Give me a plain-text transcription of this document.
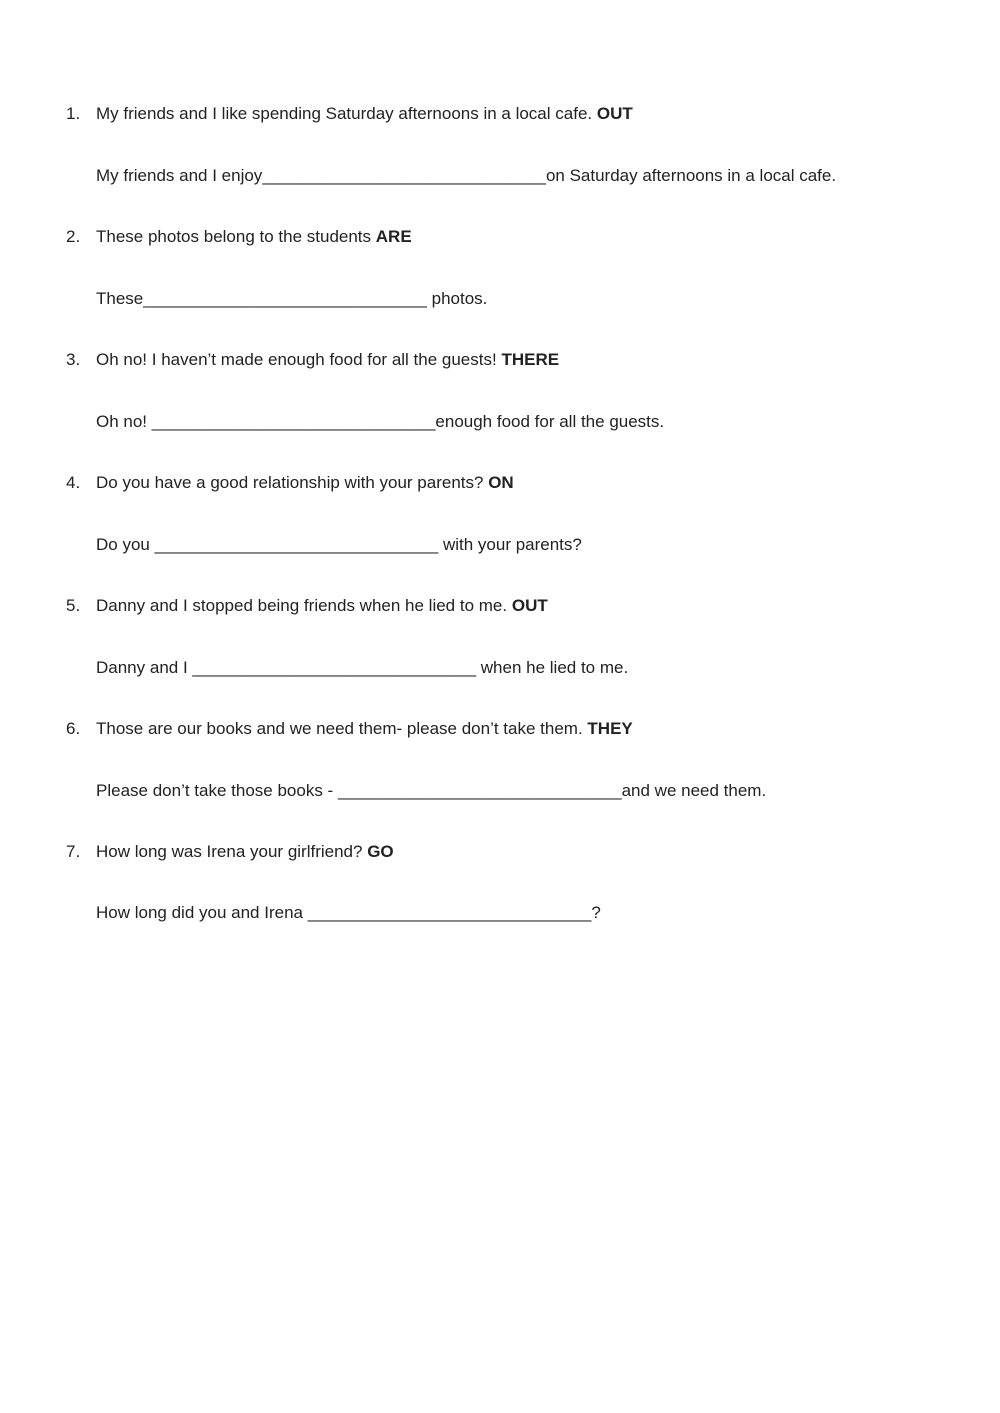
1. My friends and I like spending Saturday afternoons in a local cafe. OUT
My friends and I enjoy______________________________on Saturday afternoons in a local cafe.
2. These photos belong to the students ARE
These______________________________ photos.
3. Oh no! I haven’t made enough food for all the guests! THERE
Oh no! ______________________________enough food for all the guests.
4. Do you have a good relationship with your parents? ON
Do you ______________________________ with your parents?
5. Danny and I stopped being friends when he lied to me. OUT
Danny and I ______________________________ when he lied to me.
6. Those are our books and we need them- please don’t take them. THEY
Please don’t take those books - ______________________________and we need them.
7. How long was Irena your girlfriend? GO
How long did you and Irena ______________________________?
